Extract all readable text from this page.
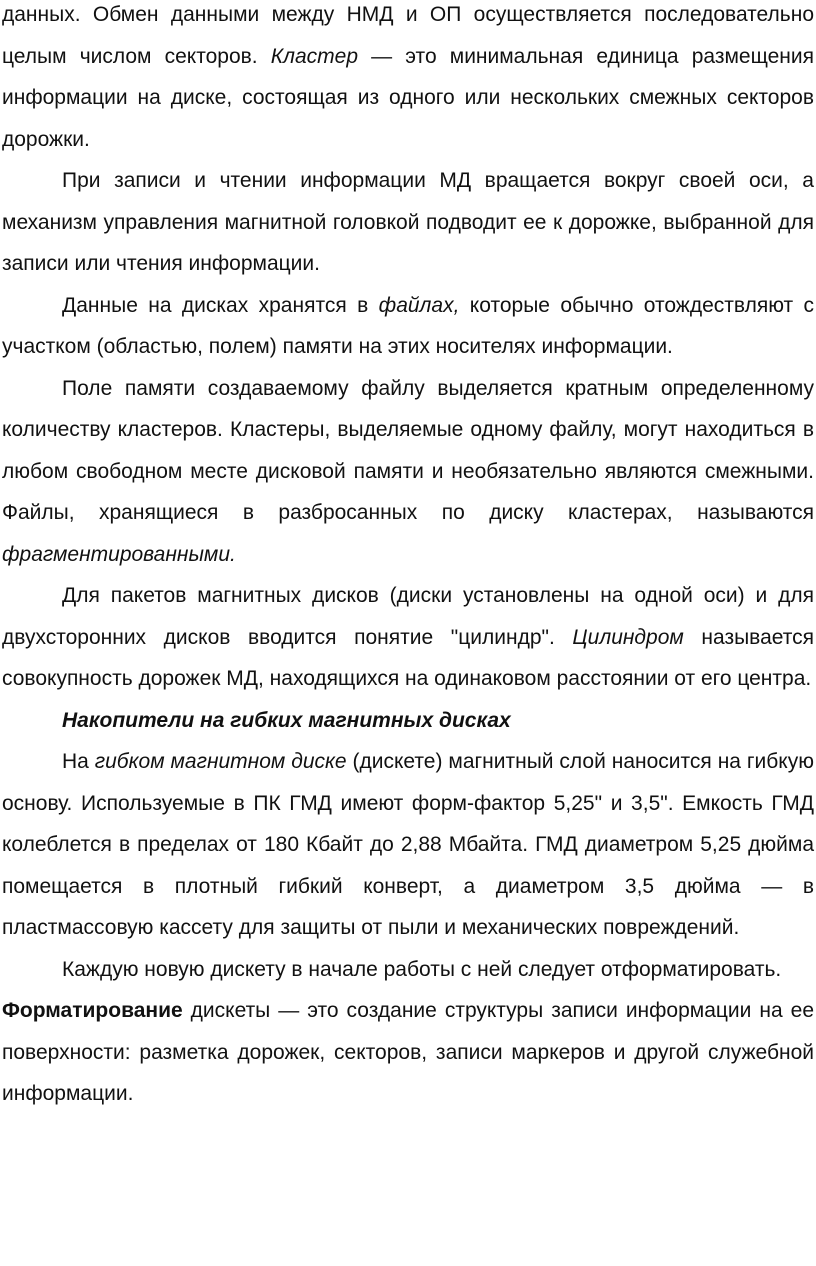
данных. Обмен данными между НМД и ОП осуществляется последовательно целым числом секторов. Кластер — это минимальная единица размещения информации на диске, состоящая из одного или нескольких смежных секторов дорожки.

При записи и чтении информации МД вращается вокруг своей оси, а механизм управления магнитной головкой подводит ее к дорожке, выбранной для записи или чтения информации.

Данные на дисках хранятся в файлах, которые обычно отождествляют с участком (областью, полем) памяти на этих носителях информации.

Поле памяти создаваемому файлу выделяется кратным определенному количеству кластеров. Кластеры, выделяемые одному файлу, могут находиться в любом свободном месте дисковой памяти и необязательно являются смежными. Файлы, хранящиеся в разбросанных по диску кластерах, называются фрагментированными.

Для пакетов магнитных дисков (диски установлены на одной оси) и для двухсторонних дисков вводится понятие "цилиндр". Цилиндром называется совокупность дорожек МД, находящихся на одинаковом расстоянии от его центра.

Накопители на гибких магнитных дисках

На гибком магнитном диске (дискете) магнитный слой наносится на гибкую основу. Используемые в ПК ГМД имеют форм-фактор 5,25" и 3,5". Емкость ГМД колеблется в пределах от 180 Кбайт до 2,88 Мбайта. ГМД диаметром 5,25 дюйма помещается в плотный гибкий конверт, а диаметром 3,5 дюйма — в пластмассовую кассету для защиты от пыли и механических повреждений.

Каждую новую дискету в начале работы с ней следует отформатировать.

Форматирование дискеты — это создание структуры записи информации на ее поверхности: разметка дорожек, секторов, записи маркеров и другой служебной информации.
